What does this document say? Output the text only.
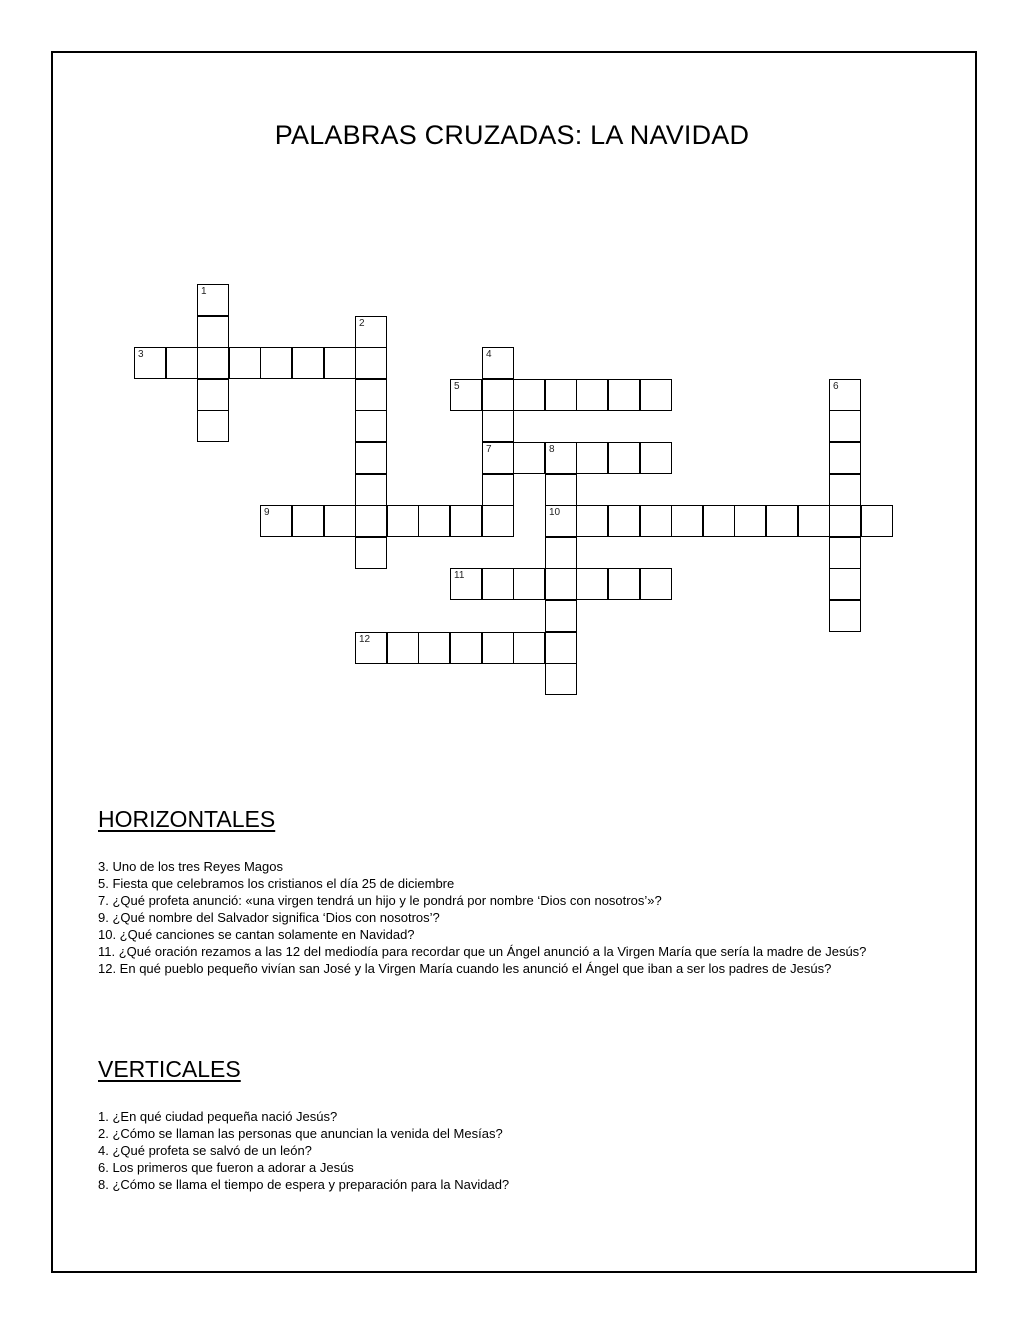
PALABRAS CRUZADAS: LA NAVIDAD
1
2
3	4
7
5	6
8
10
9
11
12
HORIZONTALES
3. Uno de los tres Reyes Magos
5. Fiesta que celebramos los cristianos el día 25 de diciembre
7. ¿Qué profeta anunció: «una virgen tendrá un hijo y le pondrá por nombre ‘Dios con nosotros’»?
9. ¿Qué nombre del Salvador significa ‘Dios con nosotros’?
10. ¿Qué canciones se cantan solamente en Navidad?
11. ¿Qué oración rezamos a las 12 del mediodía para recordar que un Ángel anunció a la Virgen María que sería la madre de Jesús?
12. En qué pueblo pequeño vivían san José y la Virgen María cuando les anunció el Ángel que iban a ser los padres de Jesús?
VERTICALES
1. ¿En qué ciudad pequeña nació Jesús?
2. ¿Cómo se llaman las personas que anuncian la venida del Mesías?
4. ¿Qué profeta se salvó de un león?
6. Los primeros que fueron a adorar a Jesús
8. ¿Cómo se llama el tiempo de espera y preparación para la Navidad?
